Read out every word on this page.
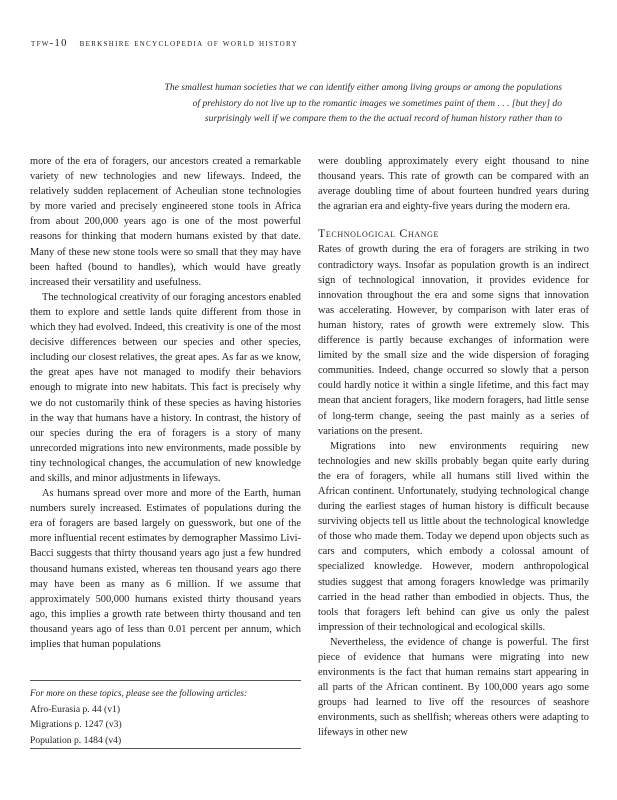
tfw-10 berkshire encyclopedia of world history

The smallest human societies that we can identify either among living groups or among the populations

of prehistory do not live up to the romantic images we sometimes paint of them . . . [but they] do

surprisingly well if we compare them to the the actual record of human history rather than to

more of the era of foragers, our ancestors created a remarkable variety of new technologies and new lifeways. Indeed, the relatively sudden replacement of Acheulian stone technologies by more varied and precisely engineered stone tools in Africa from about 200,000 years ago is one of the most powerful reasons for thinking that modern humans existed by that date. Many of these new stone tools were so small that they may have been hafted (bound to handles), which would have greatly increased their versatility and usefulness.

The technological creativity of our foraging ancestors enabled them to explore and settle lands quite different from those in which they had evolved. Indeed, this creativity is one of the most decisive differences between our species and other species, including our closest relatives, the great apes. As far as we know, the great apes have not managed to modify their behaviors enough to migrate into new habitats. This fact is precisely why we do not customarily think of these species as having histories in the way that humans have a history. In contrast, the history of our species during the era of foragers is a story of many unrecorded migrations into new environments, made possible by tiny technological changes, the accumulation of new knowledge and skills, and minor adjustments in lifeways.

As humans spread over more and more of the Earth, human numbers surely increased. Estimates of populations during the era of foragers are based largely on guesswork, but one of the more influential recent estimates by demographer Massimo Livi-Bacci suggests that thirty thousand years ago just a few hundred thousand humans existed, whereas ten thousand years ago there may have been as many as 6 million. If we assume that approximately 500,000 humans existed thirty thousand years ago, this implies a growth rate between thirty thousand and ten thousand years ago of less than 0.01 percent per annum, which implies that human populations

For more on these topics, please see the following articles:
Afro-Eurasia p. 44 (v1)
Migrations p. 1247 (v3)
Population p. 1484 (v4)

were doubling approximately every eight thousand to nine thousand years. This rate of growth can be compared with an average doubling time of about fourteen hundred years during the agrarian era and eighty-five years during the modern era.

Technological Change

Rates of growth during the era of foragers are striking in two contradictory ways. Insofar as population growth is an indirect sign of technological innovation, it provides evidence for innovation throughout the era and some signs that innovation was accelerating. However, by comparison with later eras of human history, rates of growth were extremely slow. This difference is partly because exchanges of information were limited by the small size and the wide dispersion of foraging communities. Indeed, change occurred so slowly that a person could hardly notice it within a single lifetime, and this fact may mean that ancient foragers, like modern foragers, had little sense of long-term change, seeing the past mainly as a series of variations on the present.

Migrations into new environments requiring new technologies and new skills probably began quite early during the era of foragers, while all humans still lived within the African continent. Unfortunately, studying technological change during the earliest stages of human history is difficult because surviving objects tell us little about the technological knowledge of those who made them. Today we depend upon objects such as cars and computers, which embody a colossal amount of specialized knowledge. However, modern anthropological studies suggest that among foragers knowledge was primarily carried in the head rather than embodied in objects. Thus, the tools that foragers left behind can give us only the palest impression of their technological and ecological skills.

Nevertheless, the evidence of change is powerful. The first piece of evidence that humans were migrating into new environments is the fact that human remains start appearing in all parts of the African continent. By 100,000 years ago some groups had learned to live off the resources of seashore environments, such as shellfish; whereas others were adapting to lifeways in other new
